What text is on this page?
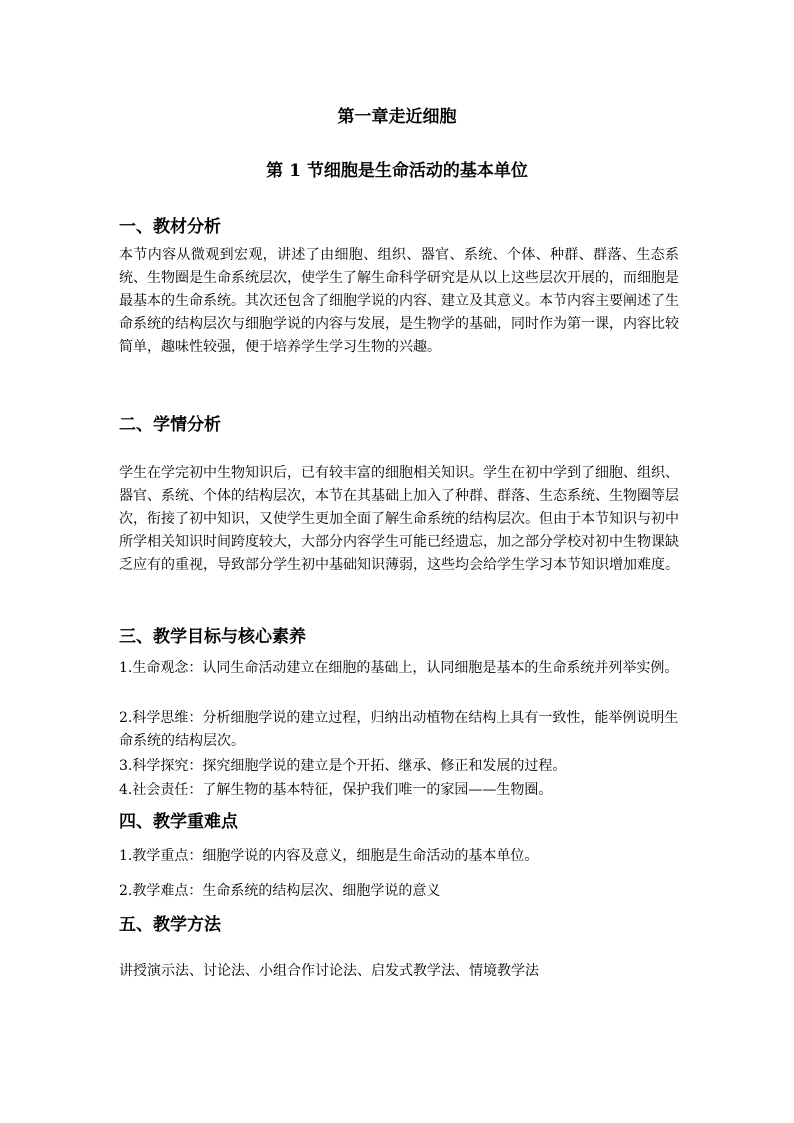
第一章走近细胞
第 1 节细胞是生命活动的基本单位
一、教材分析
本节内容从微观到宏观，讲述了由细胞、组织、器官、系统、个体、种群、群落、生态系统、生物圈是生命系统层次，使学生了解生命科学研究是从以上这些层次开展的，而细胞是最基本的生命系统。其次还包含了细胞学说的内容、建立及其意义。本节内容主要阐述了生命系统的结构层次与细胞学说的内容与发展，是生物学的基础，同时作为第一课，内容比较简单，趣味性较强，便于培养学生学习生物的兴趣。
二、学情分析
学生在学完初中生物知识后，已有较丰富的细胞相关知识。学生在初中学到了细胞、组织、器官、系统、个体的结构层次，本节在其基础上加入了种群、群落、生态系统、生物圈等层次，衔接了初中知识，又使学生更加全面了解生命系统的结构层次。但由于本节知识与初中所学相关知识时间跨度较大，大部分内容学生可能已经遗忘，加之部分学校对初中生物课缺乏应有的重视，导致部分学生初中基础知识薄弱，这些均会给学生学习本节知识增加难度。
三、教学目标与核心素养
1.生命观念：认同生命活动建立在细胞的基础上，认同细胞是基本的生命系统并列举实例。
2.科学思维：分析细胞学说的建立过程，归纳出动植物在结构上具有一致性，能举例说明生命系统的结构层次。
3.科学探究：探究细胞学说的建立是个开拓、继承、修正和发展的过程。
4.社会责任：了解生物的基本特征，保护我们唯一的家园——生物圈。
四、教学重难点
1.教学重点：细胞学说的内容及意义，细胞是生命活动的基本单位。
2.教学难点：生命系统的结构层次、细胞学说的意义
五、教学方法
讲授演示法、讨论法、小组合作讨论法、启发式教学法、情境教学法
